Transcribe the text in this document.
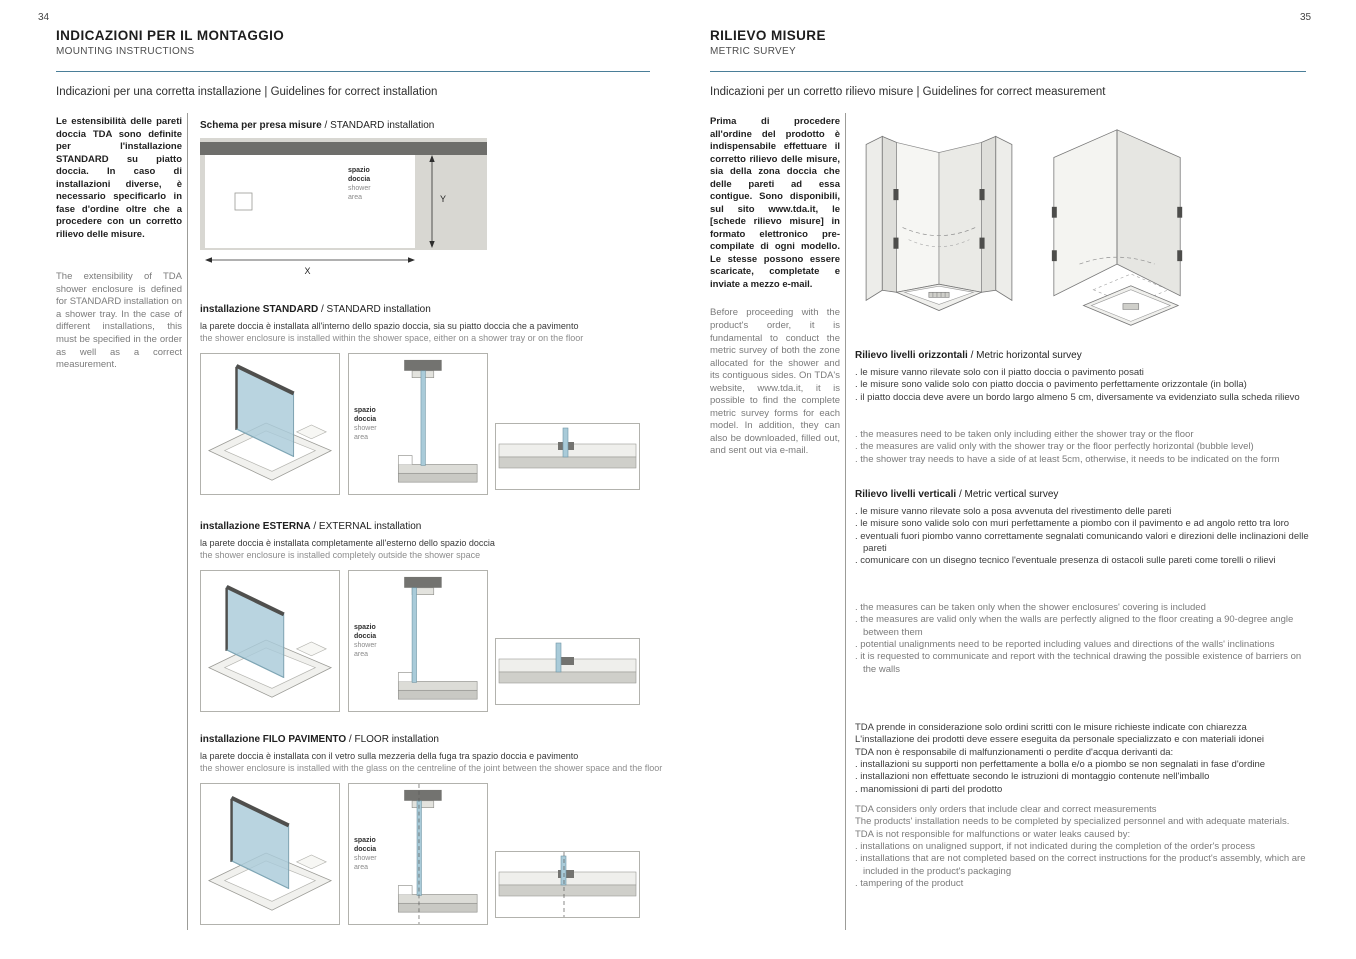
34	35
INDICAZIONI PER IL MONTAGGIO
MOUNTING INSTRUCTIONS
Indicazioni per una corretta installazione | Guidelines for correct installation

Le estensibilità delle pareti doccia TDA sono definite per l'installazione STANDARD su piatto doccia. In caso di installazioni diverse, è necessario specificarlo in fase d'ordine oltre che a procedere con un corretto rilievo delle misure.

The extensibility of TDA shower enclosure is defined for STANDARD installation on a shower tray. In the case of different installations, this must be specified in the order as well as a correct measurement.

Schema per presa misure / STANDARD installation
spazio
doccia
shower
area
X
Y
installazione STANDARD / STANDARD installation
la parete doccia è installata all'interno dello spazio doccia, sia su piatto doccia che a pavimento
the shower enclosure is installed within the shower space, either on a shower tray or on the floor
spazio
doccia
shower
area
installazione ESTERNA / EXTERNAL installation
la parete doccia è installata completamente all'esterno dello spazio doccia
the shower enclosure is installed completely outside the shower space
spazio
doccia
shower
area
installazione FILO PAVIMENTO / FLOOR installation
la parete doccia è installata con il vetro sulla mezzeria della fuga tra spazio doccia e pavimento
the shower enclosure is installed with the glass on the centreline of the joint between the shower space and the floor
spazio
doccia
shower
area
RILIEVO MISURE
METRIC SURVEY
Indicazioni per un corretto rilievo misure | Guidelines for correct measurement

Prima di procedere all'ordine del prodotto è indispensabile effettuare il corretto rilievo delle misure, sia della zona doccia che delle pareti ad essa contigue. Sono disponibili, sul sito www.tda.it, le [schede rilievo misure] in formato elettronico pre-compilate di ogni modello. Le stesse possono essere scaricate, completate e inviate a mezzo e-mail.

Before proceeding with the product's order, it is fundamental to conduct the metric survey of both the zone allocated for the shower and its contiguous sides. On TDA's website, www.tda.it, it is possible to find the complete metric survey forms for each model. In addition, they can also be downloaded, filled out, and sent out via e-mail.

Rilievo livelli orizzontali / Metric horizontal survey
. le misure vanno rilevate solo con il piatto doccia o pavimento posati
. le misure sono valide solo con piatto doccia o pavimento perfettamente orizzontale (in bolla)
. il piatto doccia deve avere un bordo largo almeno 5 cm, diversamente va evidenziato sulla scheda rilievo
. the measures need to be taken only including either the shower tray or the floor
. the measures are valid only with the shower tray or the floor perfectly horizontal (bubble level)
. the shower tray needs to have a side of at least 5cm, otherwise, it needs to be indicated on the form
Rilievo livelli verticali / Metric vertical survey
. le misure vanno rilevate solo a posa avvenuta del rivestimento delle pareti
. le misure sono valide solo con muri perfettamente a piombo con il pavimento e ad angolo retto tra loro
. eventuali fuori piombo vanno correttamente segnalati comunicando valori e direzioni delle inclinazioni delle pareti
. comunicare con un disegno tecnico l'eventuale presenza di ostacoli sulle pareti come torelli o rilievi
. the measures can be taken only when the shower enclosures' covering is included
. the measures are valid only when the walls are perfectly aligned to the floor creating a 90-degree angle between them
. potential unalignments need to be reported including values and directions of the walls' inclinations
. it is requested to communicate and report with the technical drawing the possible existence of barriers on the walls
TDA prende in considerazione solo ordini scritti con le misure richieste indicate con chiarezza
L'installazione dei prodotti deve essere eseguita da personale specializzato e con materiali idonei
TDA non è responsabile di malfunzionamenti o perdite d'acqua derivanti da:
. installazioni su supporti non perfettamente a bolla e/o a piombo se non segnalati in fase d'ordine
. installazioni non effettuate secondo le istruzioni di montaggio contenute nell'imballo
. manomissioni di parti del prodotto
TDA considers only orders that include clear and correct measurements
The products' installation needs to be completed by specialized personnel and with adequate materials.
TDA is not responsible for malfunctions or water leaks caused by:
. installations on unaligned support, if not indicated during the completion of the order's process
. installations that are not completed based on the correct instructions for the product's assembly, which are included in the product's packaging
. tampering of the product
